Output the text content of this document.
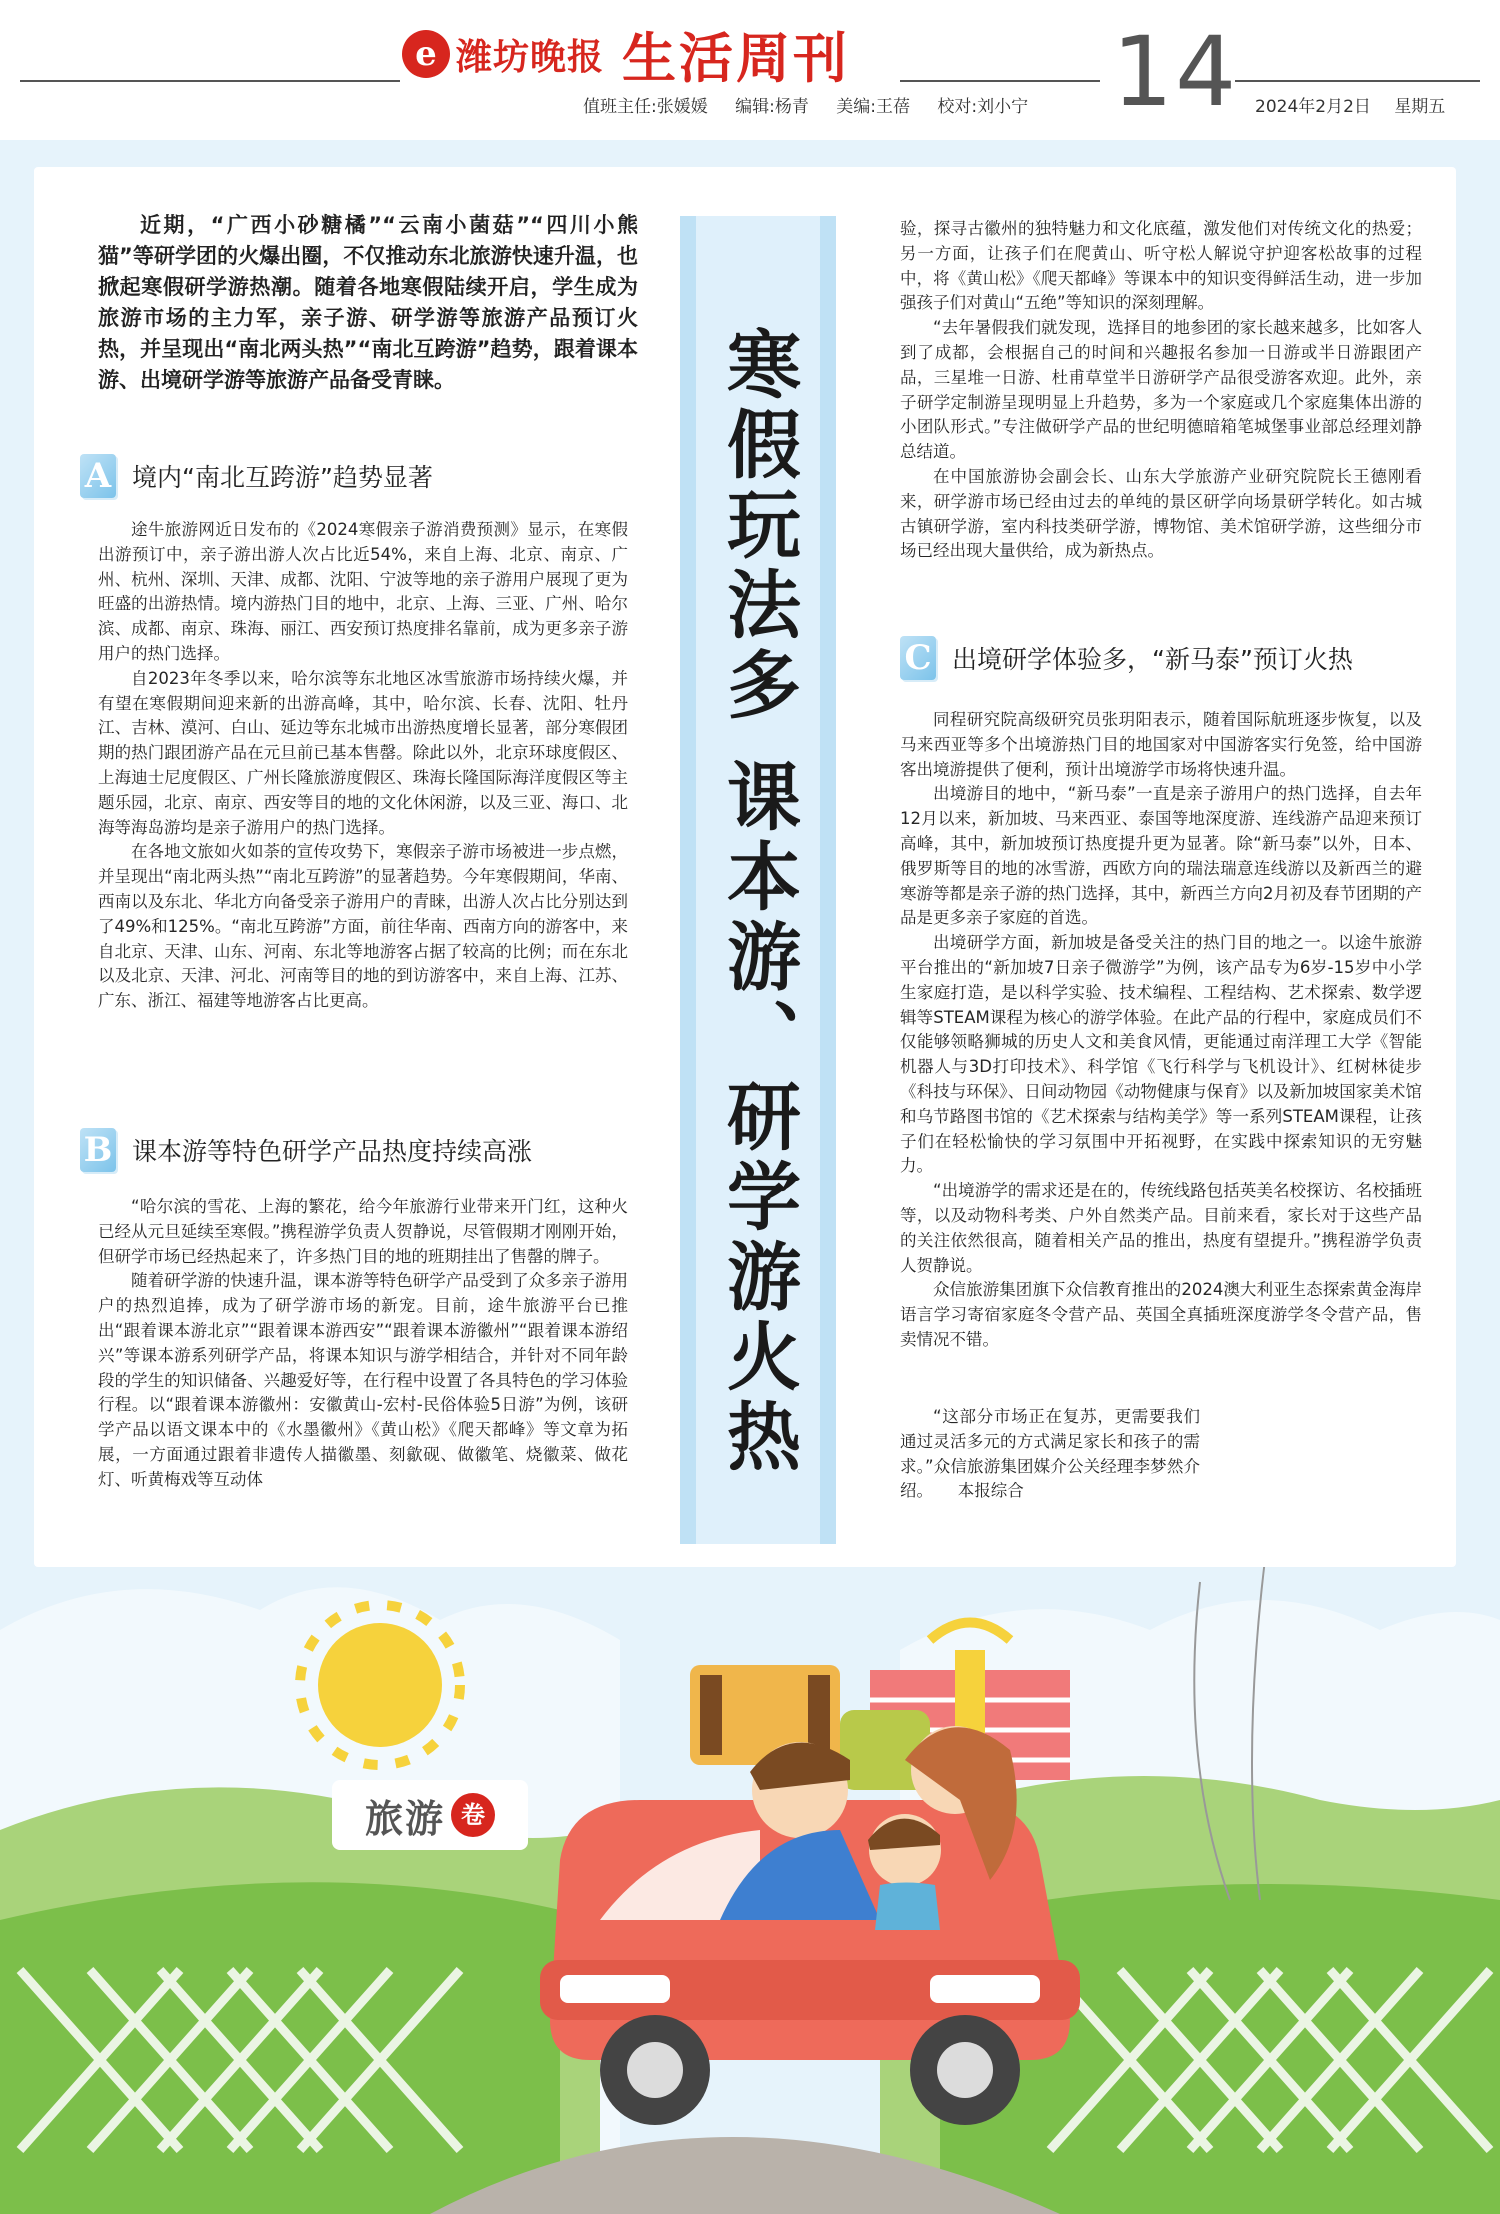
e 潍坊晚报 生活周刊
值班主任:张媛媛 编辑:杨青 美编:王蓓 校对:刘小宁 14 2024年2月2日 星期五

近期，“广西小砂糖橘”“云南小菌菇”“四川小熊猫”等研学团的火爆出圈，不仅推动东北旅游快速升温，也掀起寒假研学游热潮。随着各地寒假陆续开启，学生成为旅游市场的主力军，亲子游、研学游等旅游产品预订火热，并呈现出“南北两头热”“南北互跨游”趋势，跟着课本游、出境研学游等旅游产品备受青睐。

A 境内“南北互跨游”趋势显著

途牛旅游网近日发布的《2024寒假亲子游消费预测》显示，在寒假出游预订中，亲子游出游人次占比近54%，来自上海、北京、南京、广州、杭州、深圳、天津、成都、沈阳、宁波等地的亲子游用户展现了更为旺盛的出游热情。境内游热门目的地中，北京、上海、三亚、广州、哈尔滨、成都、南京、珠海、丽江、西安预订热度排名靠前，成为更多亲子游用户的热门选择。

自2023年冬季以来，哈尔滨等东北地区冰雪旅游市场持续火爆，并有望在寒假期间迎来新的出游高峰，其中，哈尔滨、长春、沈阳、牡丹江、吉林、漠河、白山、延边等东北城市出游热度增长显著，部分寒假团期的热门跟团游产品在元旦前已基本售罄。除此以外，北京环球度假区、上海迪士尼度假区、广州长隆旅游度假区、珠海长隆国际海洋度假区等主题乐园，北京、南京、西安等目的地的文化休闲游，以及三亚、海口、北海等海岛游均是亲子游用户的热门选择。

在各地文旅如火如荼的宣传攻势下，寒假亲子游市场被进一步点燃，并呈现出“南北两头热”“南北互跨游”的显著趋势。今年寒假期间，华南、西南以及东北、华北方向备受亲子游用户的青睐，出游人次占比分别达到了49%和125%。“南北互跨游”方面，前往华南、西南方向的游客中，来自北京、天津、山东、河南、东北等地游客占据了较高的比例；而在东北以及北京、天津、河北、河南等目的地的到访游客中，来自上海、江苏、广东、浙江、福建等地游客占比更高。

B 课本游等特色研学产品热度持续高涨

“哈尔滨的雪花、上海的繁花，给今年旅游行业带来开门红，这种火已经从元旦延续至寒假。”携程游学负责人贺静说，尽管假期才刚刚开始，但研学市场已经热起来了，许多热门目的地的班期挂出了售罄的牌子。

随着研学游的快速升温，课本游等特色研学产品受到了众多亲子游用户的热烈追捧，成为了研学游市场的新宠。目前，途牛旅游平台已推出“跟着课本游北京”“跟着课本游西安”“跟着课本游徽州”“跟着课本游绍兴”等课本游系列研学产品，将课本知识与游学相结合，并针对不同年龄段的学生的知识储备、兴趣爱好等，在行程中设置了各具特色的学习体验行程。以“跟着课本游徽州：安徽黄山-宏村-民俗体验5日游”为例，该研学产品以语文课本中的《水墨徽州》《黄山松》《爬天都峰》等文章为拓展，一方面通过跟着非遗传人描徽墨、刻歙砚、做徽笔、烧徽菜、做花灯、听黄梅戏等互动体

寒假玩法多 课本游、研学游火热

验，探寻古徽州的独特魅力和文化底蕴，激发他们对传统文化的热爱；另一方面，让孩子们在爬黄山、听守松人解说守护迎客松故事的过程中，将《黄山松》《爬天都峰》等课本中的知识变得鲜活生动，进一步加强孩子们对黄山“五绝”等知识的深刻理解。

“去年暑假我们就发现，选择目的地参团的家长越来越多，比如客人到了成都，会根据自己的时间和兴趣报名参加一日游或半日游跟团产品，三星堆一日游、杜甫草堂半日游研学产品很受游客欢迎。此外，亲子研学定制游呈现明显上升趋势，多为一个家庭或几个家庭集体出游的小团队形式。”专注做研学产品的世纪明德暗箱笔城堡事业部总经理刘静总结道。

在中国旅游协会副会长、山东大学旅游产业研究院院长王德刚看来，研学游市场已经由过去的单纯的景区研学向场景研学转化。如古城古镇研学游，室内科技类研学游，博物馆、美术馆研学游，这些细分市场已经出现大量供给，成为新热点。

C 出境研学体验多，“新马泰”预订火热

同程研究院高级研究员张玥阳表示，随着国际航班逐步恢复，以及马来西亚等多个出境游热门目的地国家对中国游客实行免签，给中国游客出境游提供了便利，预计出境游学市场将快速升温。

出境游目的地中，“新马泰”一直是亲子游用户的热门选择，自去年12月以来，新加坡、马来西亚、泰国等地深度游、连线游产品迎来预订高峰，其中，新加坡预订热度提升更为显著。除“新马泰”以外，日本、俄罗斯等目的地的冰雪游，西欧方向的瑞法瑞意连线游以及新西兰的避寒游等都是亲子游的热门选择，其中，新西兰方向2月初及春节团期的产品是更多亲子家庭的首选。

出境研学方面，新加坡是备受关注的热门目的地之一。以途牛旅游平台推出的“新加坡7日亲子微游学”为例，该产品专为6岁-15岁中小学生家庭打造，是以科学实验、技术编程、工程结构、艺术探索、数学逻辑等STEAM课程为核心的游学体验。在此产品的行程中，家庭成员们不仅能够领略狮城的历史人文和美食风情，更能通过南洋理工大学《智能机器人与3D打印技术》、科学馆《飞行科学与飞机设计》、红树林徒步《科技与环保》、日间动物园《动物健康与保育》以及新加坡国家美术馆和乌节路图书馆的《艺术探索与结构美学》等一系列STEAM课程，让孩子们在轻松愉快的学习氛围中开拓视野，在实践中探索知识的无穷魅力。

“出境游学的需求还是在的，传统线路包括英美名校探访、名校插班等，以及动物科考类、户外自然类产品。目前来看，家长对于这些产品的关注依然很高，随着相关产品的推出，热度有望提升。”携程游学负责人贺静说。

众信旅游集团旗下众信教育推出的2024澳大利亚生态探索黄金海岸语言学习寄宿家庭冬令营产品、英国全真插班深度游学冬令营产品，售卖情况不错。

“这部分市场正在复苏，更需要我们通过灵活多元的方式满足家长和孩子的需求。”众信旅游集团媒介公关经理李梦然介绍。　　 本报综合

旅游 卷
